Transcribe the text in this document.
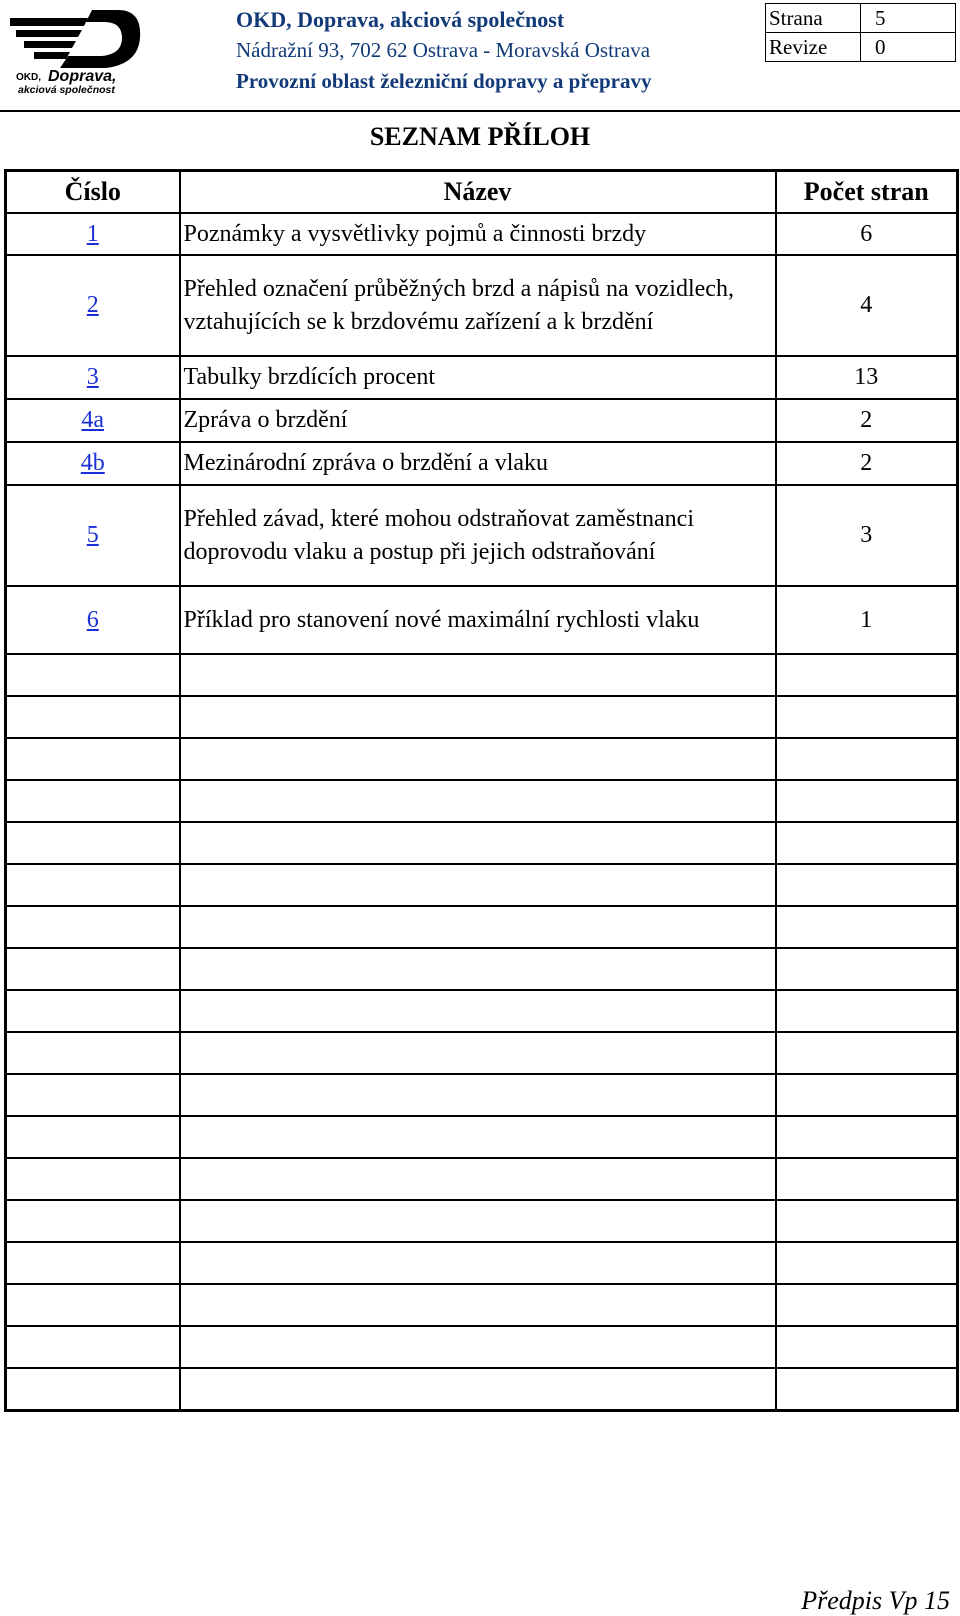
OKD, Doprava,
akciová společnost
OKD, Doprava, akciová společnost
Nádražní 93, 702 62 Ostrava - Moravská Ostrava
Provozní oblast železniční dopravy a přepravy
Strana	5
Revize	0
SEZNAM PŘÍLOH
Číslo	Název	Počet stran
1	Poznámky a vysvětlivky pojmů a činnosti brzdy	6
2	Přehled označení průběžných brzd a nápisů na vozidlech, vztahujících se k brzdovému zařízení a k brzdění	4
3	Tabulky brzdících procent	13
4a	Zpráva o brzdění	2
4b	Mezinárodní zpráva o brzdění a vlaku	2
5	Přehled závad, které mohou odstraňovat zaměstnanci doprovodu vlaku a postup při jejich odstraňování	3
6	Příklad pro stanovení nové maximální rychlosti vlaku	1

Předpis Vp 15
